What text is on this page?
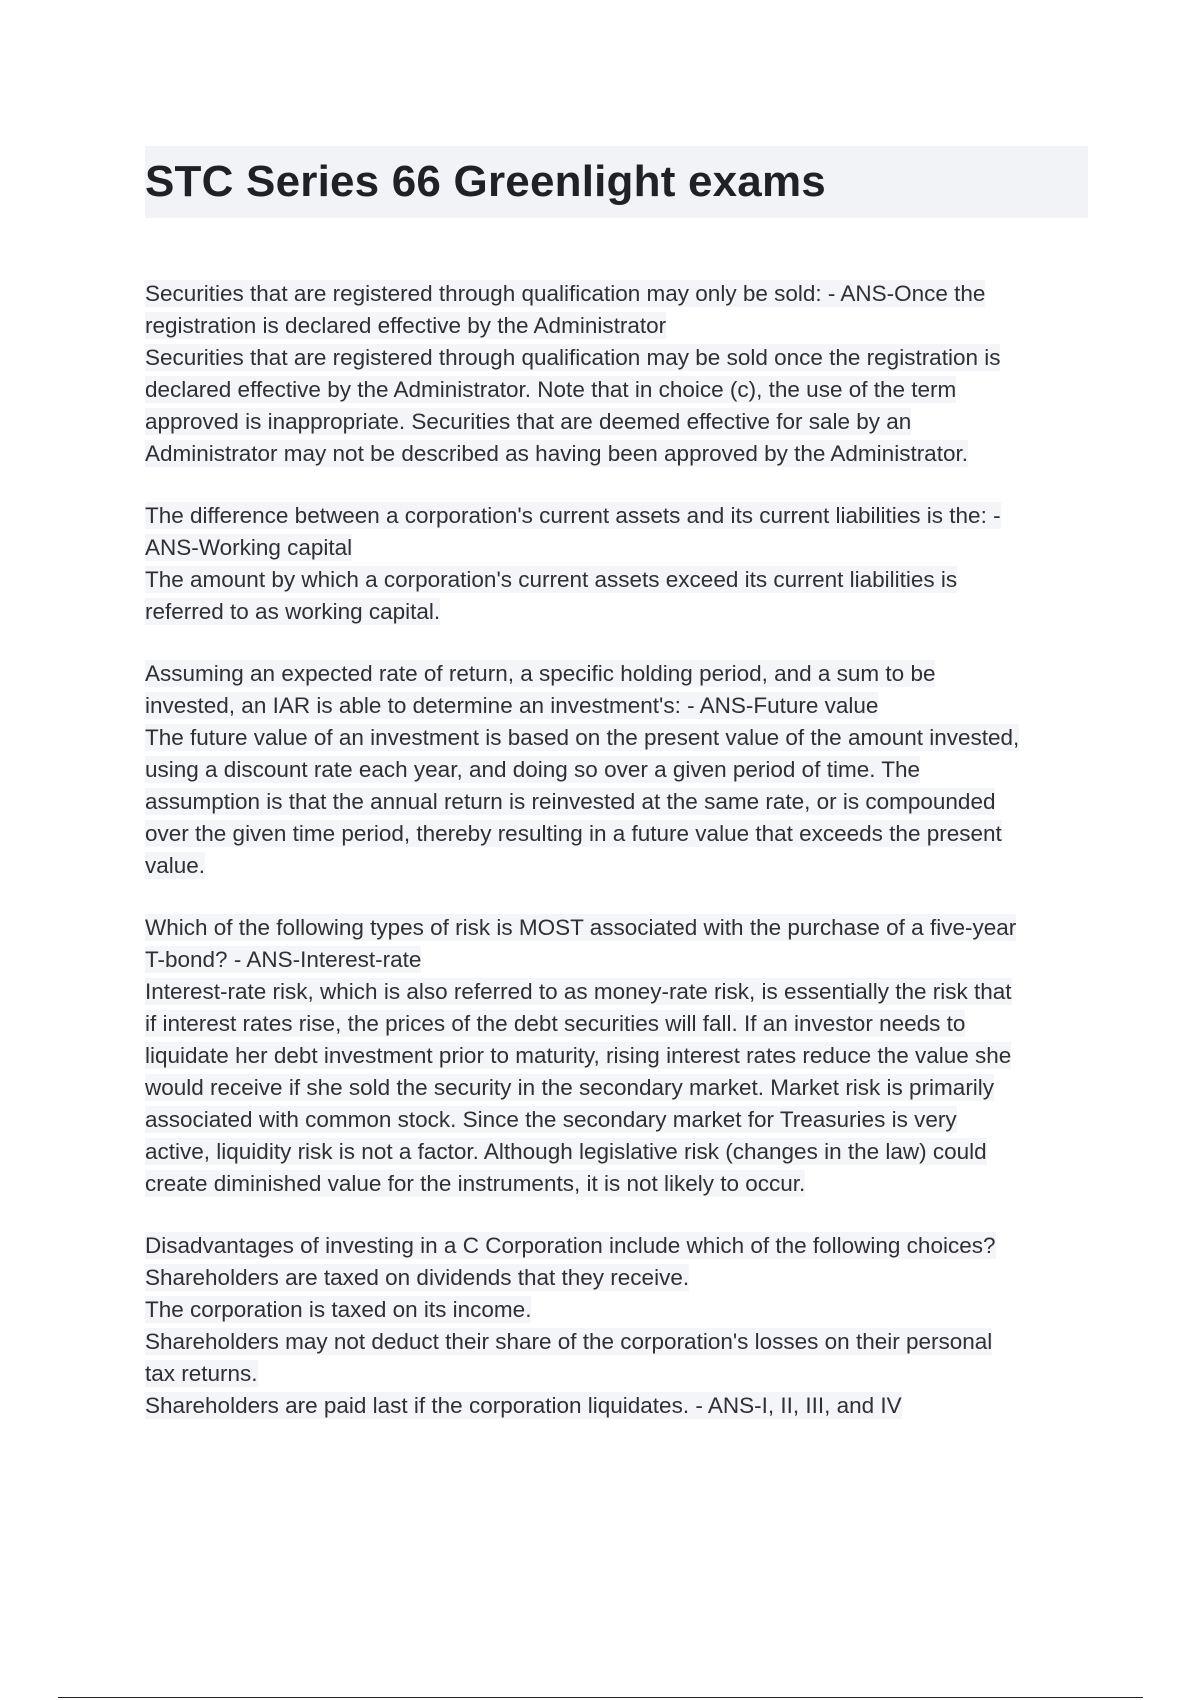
STC Series 66 Greenlight exams
Securities that are registered through qualification may only be sold: - ANS-Once the
registration is declared effective by the Administrator
Securities that are registered through qualification may be sold once the registration is
declared effective by the Administrator. Note that in choice (c), the use of the term
approved is inappropriate. Securities that are deemed effective for sale by an
Administrator may not be described as having been approved by the Administrator.
The difference between a corporation's current assets and its current liabilities is the: -
ANS-Working capital
The amount by which a corporation's current assets exceed its current liabilities is
referred to as working capital.
Assuming an expected rate of return, a specific holding period, and a sum to be
invested, an IAR is able to determine an investment's: - ANS-Future value
The future value of an investment is based on the present value of the amount invested,
using a discount rate each year, and doing so over a given period of time. The
assumption is that the annual return is reinvested at the same rate, or is compounded
over the given time period, thereby resulting in a future value that exceeds the present
value.
Which of the following types of risk is MOST associated with the purchase of a five-year
T-bond? - ANS-Interest-rate
Interest-rate risk, which is also referred to as money-rate risk, is essentially the risk that
if interest rates rise, the prices of the debt securities will fall. If an investor needs to
liquidate her debt investment prior to maturity, rising interest rates reduce the value she
would receive if she sold the security in the secondary market. Market risk is primarily
associated with common stock. Since the secondary market for Treasuries is very
active, liquidity risk is not a factor. Although legislative risk (changes in the law) could
create diminished value for the instruments, it is not likely to occur.
Disadvantages of investing in a C Corporation include which of the following choices?
Shareholders are taxed on dividends that they receive.
The corporation is taxed on its income.
Shareholders may not deduct their share of the corporation's losses on their personal
tax returns.
Shareholders are paid last if the corporation liquidates. - ANS-I, II, III, and IV
